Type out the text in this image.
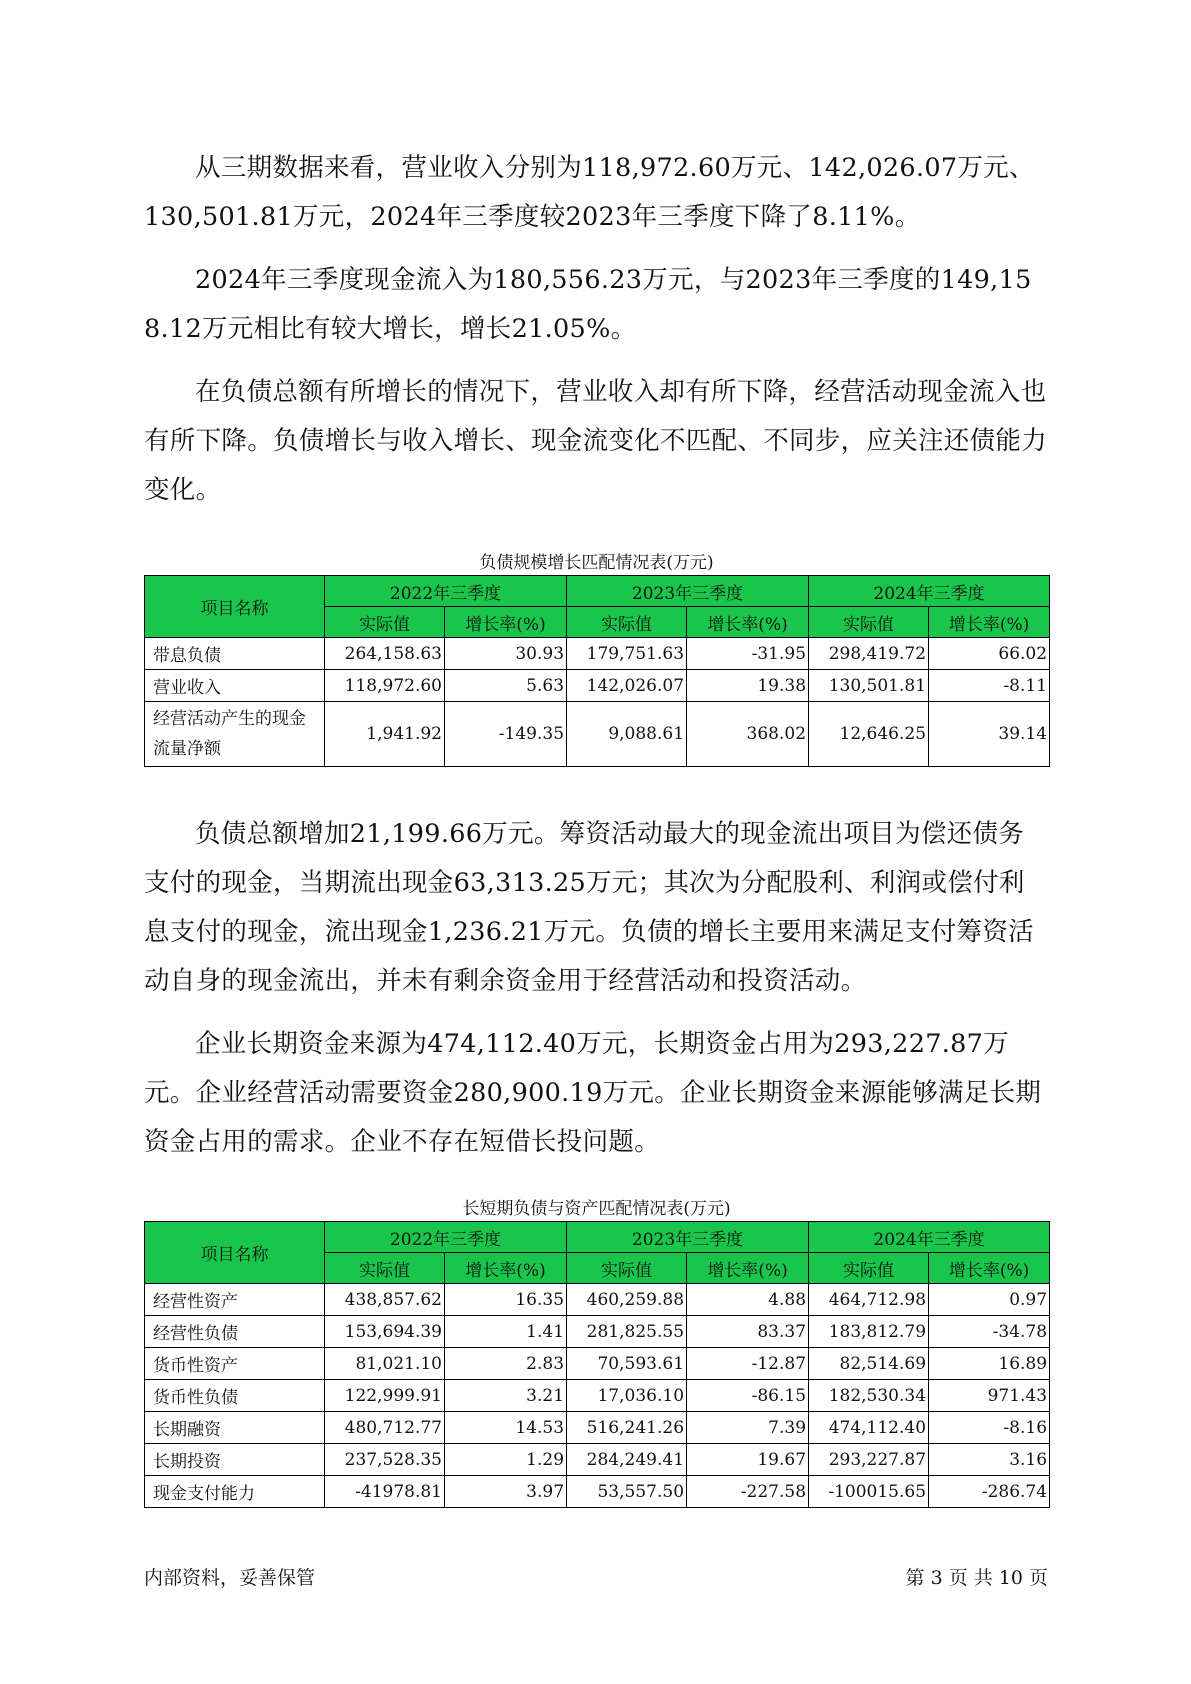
从三期数据来看，营业收入分别为118,972.60万元、142,026.07万元、130,501.81万元，2024年三季度较2023年三季度下降了8.11%。

2024年三季度现金流入为180,556.23万元，与2023年三季度的149,158.12万元相比有较大增长，增长21.05%。

在负债总额有所增长的情况下，营业收入却有所下降，经营活动现金流入也有所下降。负债增长与收入增长、现金流变化不匹配、不同步，应关注还债能力变化。

负债规模增长匹配情况表(万元)
项目名称	2022年三季度		2023年三季度		2024年三季度	
	实际值	增长率(%)	实际值	增长率(%)	实际值	增长率(%)
带息负债	264,158.63	30.93	179,751.63	-31.95	298,419.72	66.02
营业收入	118,972.60	5.63	142,026.07	19.38	130,501.81	-8.11
经营活动产生的现金流量净额	1,941.92	-149.35	9,088.61	368.02	12,646.25	39.14

负债总额增加21,199.66万元。筹资活动最大的现金流出项目为偿还债务支付的现金，当期流出现金63,313.25万元；其次为分配股利、利润或偿付利息支付的现金，流出现金1,236.21万元。负债的增长主要用来满足支付筹资活动自身的现金流出，并未有剩余资金用于经营活动和投资活动。

企业长期资金来源为474,112.40万元，长期资金占用为293,227.87万元。企业经营活动需要资金280,900.19万元。企业长期资金来源能够满足长期资金占用的需求。企业不存在短借长投问题。

长短期负债与资产匹配情况表(万元)
项目名称	2022年三季度		2023年三季度		2024年三季度	
	实际值	增长率(%)	实际值	增长率(%)	实际值	增长率(%)
经营性资产	438,857.62	16.35	460,259.88	4.88	464,712.98	0.97
经营性负债	153,694.39	1.41	281,825.55	83.37	183,812.79	-34.78
货币性资产	81,021.10	2.83	70,593.61	-12.87	82,514.69	16.89
货币性负债	122,999.91	3.21	17,036.10	-86.15	182,530.34	971.43
长期融资	480,712.77	14.53	516,241.26	7.39	474,112.40	-8.16
长期投资	237,528.35	1.29	284,249.41	19.67	293,227.87	3.16
现金支付能力	-41978.81	3.97	53,557.50	-227.58	-100015.65	-286.74
内部资料，妥善保管	第 3 页 共 10 页
